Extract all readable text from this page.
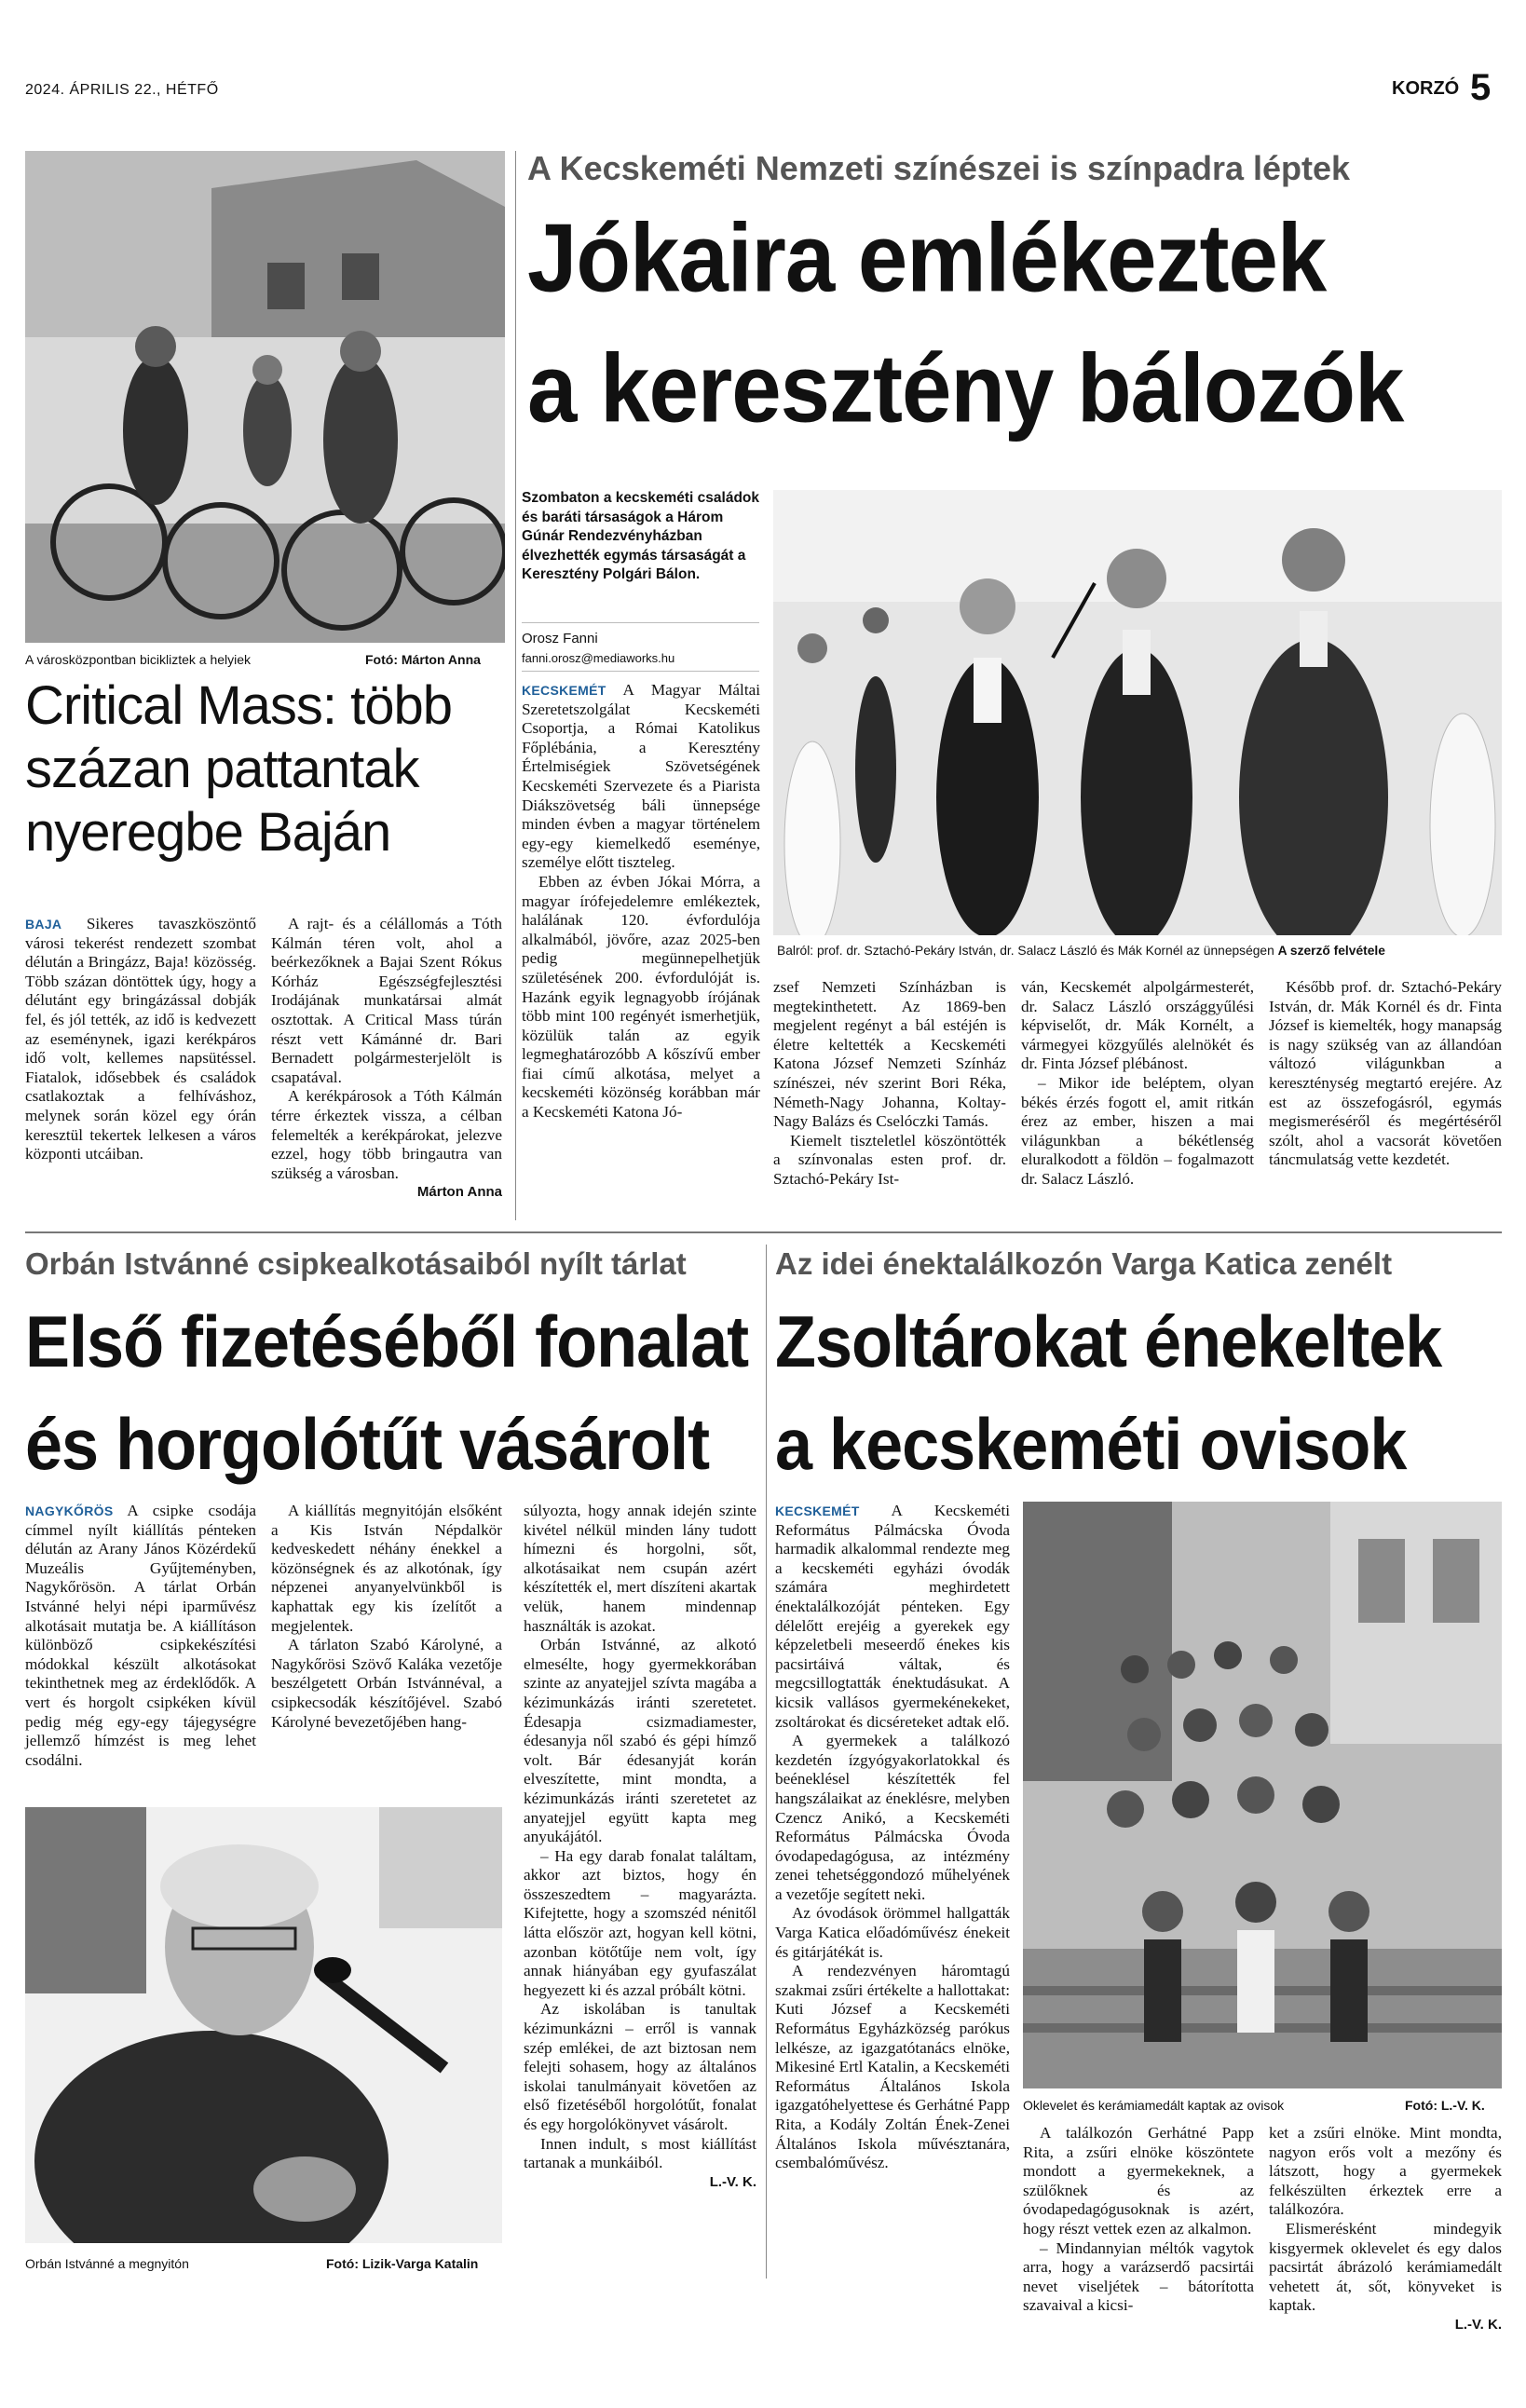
2024. ÁPRILIS 22., HÉTFŐ	KORZÓ 5
A városközpontban bicikliztek a helyiek	Fotó: Márton Anna
Critical Mass: több százan pattantak nyeregbe Baján

BAJA Sikeres tavaszköszöntő városi tekerést rendezett szombat délután a Bringázz, Baja! közösség. Több százan döntöttek úgy, hogy a délutánt egy bringázással dobják fel, és jól tették, az idő is kedvezett az eseménynek, igazi kerékpáros idő volt, kellemes napsütéssel. Fiatalok, idősebbek és családok csatlakoztak a felhíváshoz, melynek során közel egy órán keresztül tekertek lelkesen a város központi utcáiban.

A rajt- és a célállomás a Tóth Kálmán téren volt, ahol a beérkezőknek a Bajai Szent Rókus Kórház Egészségfejlesztési Irodájának munkatársai almát osztottak. A Critical Mass túrán részt vett Kámánné dr. Bari Bernadett polgármesterjelölt is csapatával.

A kerékpárosok a Tóth Kálmán térre érkeztek vissza, a célban felemelték a kerékpárokat, jelezve ezzel, hogy több bringautra van szükség a városban.

Márton Anna
A Kecskeméti Nemzeti színészei is színpadra léptek
Jókaira emlékeztek
a keresztény bálozók
Szombaton a kecskeméti családok és baráti társaságok a Három Gúnár Rendezvényházban élvezhették egymás társaságát a Keresztény Polgári Bálon.
Orosz Fanni
fanni.orosz@mediaworks.hu

KECSKEMÉT A Magyar Máltai Szeretetszolgálat Kecskeméti Csoportja, a Római Katolikus Főplébánia, a Keresztény Értelmiségiek Szövetségének Kecskeméti Szervezete és a Piarista Diákszövetség báli ünnepsége minden évben a magyar történelem egy-egy kiemelkedő eseménye, személye előtt tiszteleg.

Ebben az évben Jókai Mórra, a magyar írófejedelemre emlékeztek, halálának 120. évfordulója alkalmából, jövőre, azaz 2025-ben pedig megünnepelhetjük születésének 200. évfordulóját is. Hazánk egyik legnagyobb írójának több mint 100 regényét ismerhetjük, közülük talán az egyik legmeghatározóbb A kőszívű ember fiai című alkotása, melyet a kecskeméti közönség korábban már a Kecskeméti Katona Jó-

Balról: prof. dr. Sztachó-Pekáry István, dr. Salacz László és Mák Kornél az ünnepségen A szerző felvétele

zsef Nemzeti Színházban is megtekinthetett. Az 1869-ben megjelent regényt a bál estéjén is életre keltették a Kecskeméti Katona József Nemzeti Színház színészei, név szerint Bori Réka, Németh-Nagy Johanna, Koltay-Nagy Balázs és Cselóczki Tamás.

Kiemelt tiszteletlel köszöntötték a színvonalas esten prof. dr. Sztachó-Pekáry Ist-

ván, Kecskemét alpolgármesterét, dr. Salacz László országgyűlési képviselőt, dr. Mák Kornélt, a vármegyei közgyűlés alelnökét és dr. Finta József plébánost.

– Mikor ide beléptem, olyan békés érzés fogott el, amit ritkán érez az ember, hiszen a mai világunkban a békétlenség eluralkodott a földön – fogalmazott dr. Salacz László.

Később prof. dr. Sztachó-Pekáry István, dr. Mák Kornél és dr. Finta József is kiemelték, hogy manapság is nagy szükség van az állandóan változó világunkban a kereszténység megtartó erejére. Az est az összefogásról, egymás megismeréséről és megértéséről szólt, ahol a vacsorát követően táncmulatság vette kezdetét.

Orbán Istvánné csipkealkotásaiból nyílt tárlat
Első fizetéséből fonalat
és horgolótűt vásárolt

NAGYKŐRÖS A csipke csodája címmel nyílt kiállítás pénteken délután az Arany János Közérdekű Muzeális Gyűjteményben, Nagykőrösön. A tárlat Orbán Istvánné helyi népi iparművész alkotásait mutatja be. A kiállításon különböző csipkekészítési módokkal készült alkotásokat tekinthetnek meg az érdeklődők. A vert és horgolt csipkéken kívül pedig még egy-egy tájegységre jellemző hímzést is meg lehet csodálni.

A kiállítás megnyitóján elsőként a Kis István Népdalkör kedveskedett néhány énekkel a közönségnek és az alkotónak, így népzenei anyanyelvünkből is kaphattak egy kis ízelítőt a megjelentek.

A tárlaton Szabó Károlyné, a Nagykőrösi Szövő Kaláka vezetője beszélgetett Orbán Istvánnéval, a csipkecsodák készítőjével. Szabó Károlyné bevezetőjében hang-

Orbán Istvánné a megnyitón	Fotó: Lizik-Varga Katalin

súlyozta, hogy annak idején szinte kivétel nélkül minden lány tudott hímezni és horgolni, sőt, alkotásaikat nem csupán azért készítették el, mert díszíteni akartak velük, hanem mindennap használták is azokat.

Orbán Istvánné, az alkotó elmesélte, hogy gyermekkorában szinte az anyatejjel szívta magába a kézimunkázás iránti szeretetet. Édesapja csizmadiamester, édesanyja nől szabó és gépi hímző volt. Bár édesanyját korán elveszítette, mint mondta, a kézimunkázás iránti szeretetet az anyatejjel együtt kapta meg anyukájától.

– Ha egy darab fonalat találtam, akkor azt biztos, hogy én összeszedtem – magyarázta. Kifejtette, hogy a szomszéd nénitől látta először azt, hogyan kell kötni, azonban kötőtűje nem volt, így annak hiányában egy gyufaszálat hegyezett ki és azzal próbált kötni.

Az iskolában is tanultak kézimunkázni – erről is vannak szép emlékei, de azt biztosan nem felejti sohasem, hogy az általános iskolai tanulmányait követően az első fizetéséből horgolótűt, fonalat és egy horgolókönyvet vásárolt.

Innen indult, s most kiállítást tartanak a munkáiból.

L.-V. K.
Az idei énektalálkozón Varga Katica zenélt
Zsoltárokat énekeltek
a kecskeméti ovisok

KECSKEMÉT A Kecskeméti Református Pálmácska Óvoda harmadik alkalommal rendezte meg a kecskeméti egyházi óvodák számára meghirdetett énektalálkozóját pénteken. Egy délelőtt erejéig a gyerekek egy képzeletbeli meseerdő énekes kis pacsirtáivá váltak, és megcsillogtatták énektudásukat. A kicsik vallásos gyermekénekeket, zsoltárokat és dicséreteket adtak elő.

A gyermekek a találkozó kezdetén ízgyógyakorlatokkal és beéneklésel készítették fel hangszálaikat az éneklésre, melyben Czencz Anikó, a Kecskeméti Református Pálmácska Óvoda óvodapedagógusa, az intézmény zenei tehetséggondozó műhelyének a vezetője segített neki.

Az óvodások örömmel hallgatták Varga Katica előadóművész énekeit és gitárjátékát is.

A rendezvényen háromtagú szakmai zsűri értékelte a hallottakat: Kuti József a Kecskeméti Református Egyházközség parókus lelkésze, az igazgatótanács elnöke, Mikesiné Ertl Katalin, a Kecskeméti Református Általános Iskola igazgatóhelyettese és Gerhátné Papp Rita, a Kodály Zoltán Ének-Zenei Általános Iskola művésztanára, csembalóművész.

Oklevelet és kerámiamedált kaptak az ovisok	Fotó: L.-V. K.

A találkozón Gerhátné Papp Rita, a zsűri elnöke köszöntete mondott a gyermekeknek, a szülőknek és az óvodapedagógusoknak is azért, hogy részt vettek ezen az alkalmon.

– Mindannyian méltók vagytok arra, hogy a varázserdő pacsirtái nevet viseljétek – bátorította szavaival a kicsi-

ket a zsűri elnöke. Mint mondta, nagyon erős volt a mezőny és látszott, hogy a gyermekek felkészülten érkeztek erre a találkozóra.

Elismerésként mindegyik kisgyermek oklevelet és egy dalos pacsirtát ábrázoló kerámiamedált vehetett át, sőt, könyveket is kaptak.

L.-V. K.
